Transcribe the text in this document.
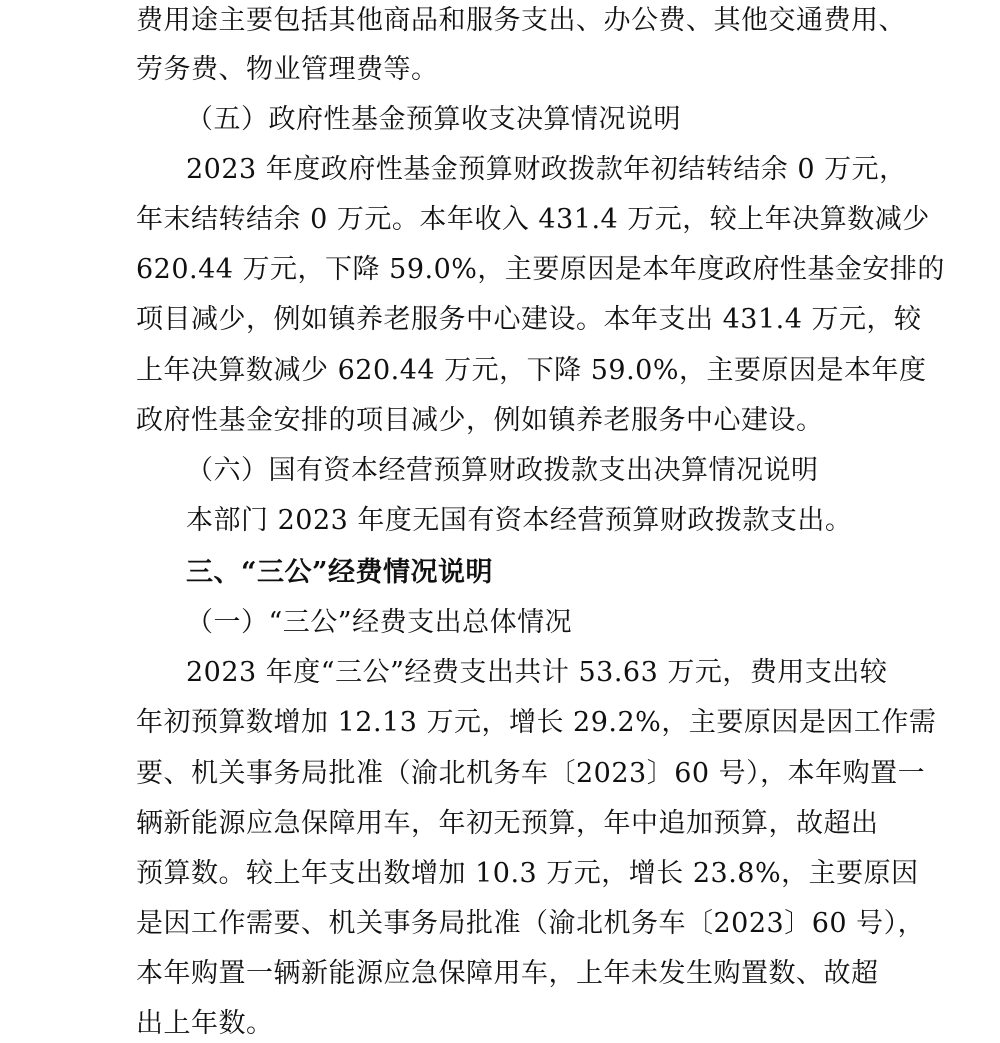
费用途主要包括其他商品和服务支出、办公费、其他交通费用、
劳务费、物业管理费等。
（五）政府性基金预算收支决算情况说明
2023 年度政府性基金预算财政拨款年初结转结余 0 万元，
年末结转结余 0 万元。本年收入 431.4 万元，较上年决算数减少
620.44 万元，下降 59.0%，主要原因是本年度政府性基金安排的
项目减少，例如镇养老服务中心建设。本年支出 431.4 万元，较
上年决算数减少 620.44 万元，下降 59.0%，主要原因是本年度
政府性基金安排的项目减少，例如镇养老服务中心建设。
（六）国有资本经营预算财政拨款支出决算情况说明
本部门 2023 年度无国有资本经营预算财政拨款支出。
三、“三公”经费情况说明
（一）“三公”经费支出总体情况
2023 年度“三公”经费支出共计 53.63 万元，费用支出较
年初预算数增加 12.13 万元，增长 29.2%，主要原因是因工作需
要、机关事务局批准（渝北机务车〔2023〕60 号），本年购置一
辆新能源应急保障用车，年初无预算，年中追加预算，故超出
预算数。较上年支出数增加 10.3 万元，增长 23.8%，主要原因
是因工作需要、机关事务局批准（渝北机务车〔2023〕60 号），
本年购置一辆新能源应急保障用车，上年未发生购置数、故超
出上年数。
